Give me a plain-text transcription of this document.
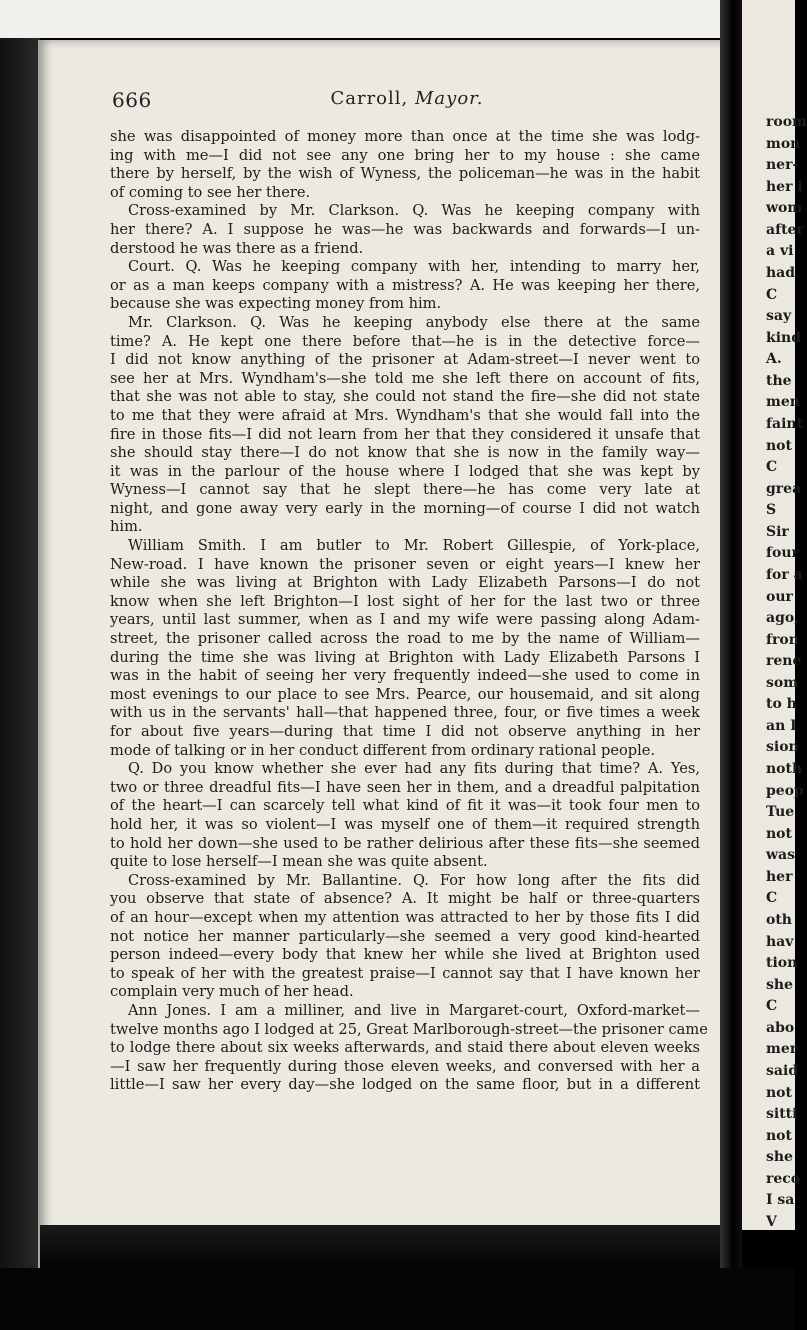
room
mon
ner-
her i
wom
after
a vi
had
C
say
kind
A.
the
men
faint
not
C
grea
S
Sir
four
for a
our
ago,
fron
rene
som
to h
an I
sion
noth
peop
Tue
not
was
her
C
oth
hav
tion
she
C
abo
mer
said
not
sitti
not
she
reco
I sa
V
666	Carroll, Mayor.
she was disappointed of money more than once at the time she was lodg-
ing with me—I did not see any one bring her to my house : she came
there by herself, by the wish of Wyness, the policeman—he was in the habit
of coming to see her there.
Cross-examined by Mr. Clarkson. Q. Was he keeping company with
her there? A. I suppose he was—he was backwards and forwards—I un-
derstood he was there as a friend.
Court. Q. Was he keeping company with her, intending to marry her,
or as a man keeps company with a mistress? A. He was keeping her there,
because she was expecting money from him.
Mr. Clarkson. Q. Was he keeping anybody else there at the same
time? A. He kept one there before that—he is in the detective force—
I did not know anything of the prisoner at Adam-street—I never went to
see her at Mrs. Wyndham's—she told me she left there on account of fits,
that she was not able to stay, she could not stand the fire—she did not state
to me that they were afraid at Mrs. Wyndham's that she would fall into the
fire in those fits—I did not learn from her that they considered it unsafe that
she should stay there—I do not know that she is now in the family way—
it was in the parlour of the house where I lodged that she was kept by
Wyness—I cannot say that he slept there—he has come very late at
night, and gone away very early in the morning—of course I did not watch
him.
William Smith. I am butler to Mr. Robert Gillespie, of York-place,
New-road. I have known the prisoner seven or eight years—I knew her
while she was living at Brighton with Lady Elizabeth Parsons—I do not
know when she left Brighton—I lost sight of her for the last two or three
years, until last summer, when as I and my wife were passing along Adam-
street, the prisoner called across the road to me by the name of William—
during the time she was living at Brighton with Lady Elizabeth Parsons I
was in the habit of seeing her very frequently indeed—she used to come in
most evenings to our place to see Mrs. Pearce, our housemaid, and sit along
with us in the servants' hall—that happened three, four, or five times a week
for about five years—during that time I did not observe anything in her
mode of talking or in her conduct different from ordinary rational people.
Q. Do you know whether she ever had any fits during that time? A. Yes,
two or three dreadful fits—I have seen her in them, and a dreadful palpitation
of the heart—I can scarcely tell what kind of fit it was—it took four men to
hold her, it was so violent—I was myself one of them—it required strength
to hold her down—she used to be rather delirious after these fits—she seemed
quite to lose herself—I mean she was quite absent.
Cross-examined by Mr. Ballantine. Q. For how long after the fits did
you observe that state of absence? A. It might be half or three-quarters
of an hour—except when my attention was attracted to her by those fits I did
not notice her manner particularly—she seemed a very good kind-hearted
person indeed—every body that knew her while she lived at Brighton used
to speak of her with the greatest praise—I cannot say that I have known her
complain very much of her head.
Ann Jones. I am a milliner, and live in Margaret-court, Oxford-market—
twelve months ago I lodged at 25, Great Marlborough-street—the prisoner came
to lodge there about six weeks afterwards, and staid there about eleven weeks
—I saw her frequently during those eleven weeks, and conversed with her a
little—I saw her every day—she lodged on the same floor, but in a different
